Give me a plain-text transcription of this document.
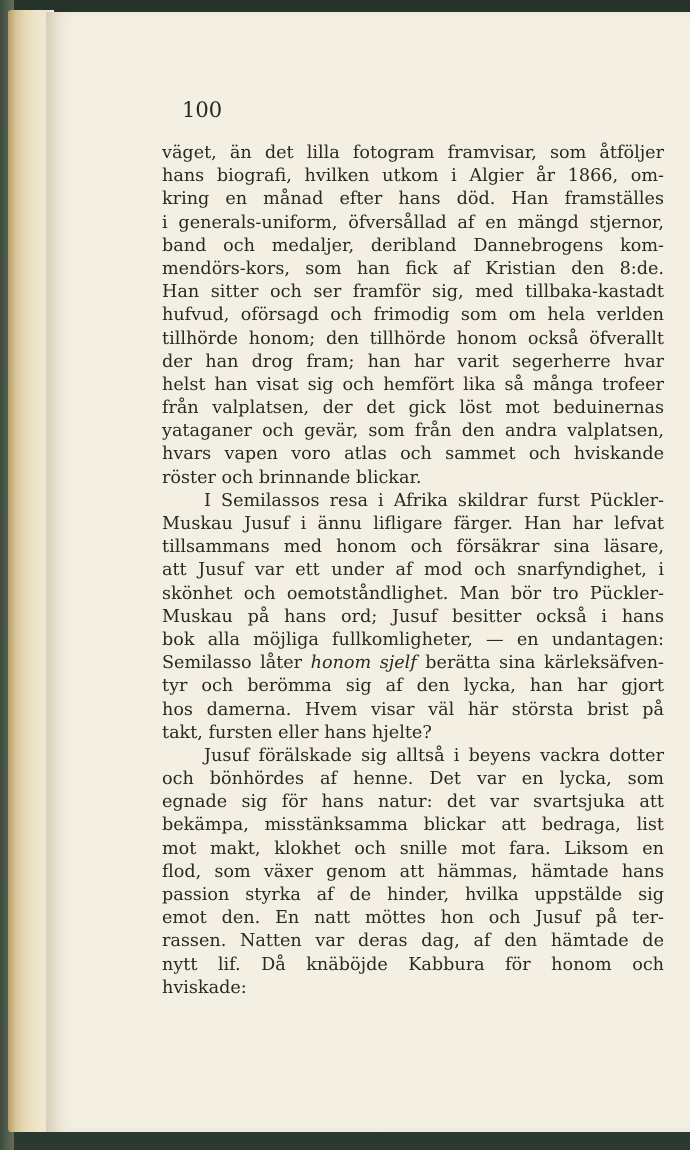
100

väget, än det lilla fotogram framvisar, som åtföljer
hans biografi, hvilken utkom i Algier år 1866, om-
kring en månad efter hans död. Han framställes
i generals-uniform, öfversållad af en mängd stjernor,
band och medaljer, deribland Dannebrogens kom-
mendörs-kors, som han fick af Kristian den 8:de.
Han sitter och ser framför sig, med tillbaka-kastadt
hufvud, oförsagd och frimodig som om hela verlden
tillhörde honom; den tillhörde honom också öfverallt
der han drog fram; han har varit segerherre hvar
helst han visat sig och hemfört lika så många trofeer
från valplatsen, der det gick löst mot beduinernas
yataganer och gevär, som från den andra valplatsen,
hvars vapen voro atlas och sammet och hviskande
röster och brinnande blickar.
I Semilassos resa i Afrika skildrar furst Pückler-
Muskau Jusuf i ännu lifligare färger. Han har lefvat
tillsammans med honom och försäkrar sina läsare,
att Jusuf var ett under af mod och snarfyndighet, i
skönhet och oemotståndlighet. Man bör tro Pückler-
Muskau på hans ord; Jusuf besitter också i hans
bok alla möjliga fullkomligheter, — en undantagen:
Semilasso låter honom sjelf berätta sina kärleksäfven-
tyr och berömma sig af den lycka, han har gjort
hos damerna. Hvem visar väl här största brist på
takt, fursten eller hans hjelte?
Jusuf förälskade sig alltså i beyens vackra dotter
och bönhördes af henne. Det var en lycka, som
egnade sig för hans natur: det var svartsjuka att
bekämpa, misstänksamma blickar att bedraga, list
mot makt, klokhet och snille mot fara. Liksom en
flod, som växer genom att hämmas, hämtade hans
passion styrka af de hinder, hvilka uppstälde sig
emot den. En natt möttes hon och Jusuf på ter-
rassen. Natten var deras dag, af den hämtade de
nytt lif. Då knäböjde Kabbura för honom och
hviskade:
